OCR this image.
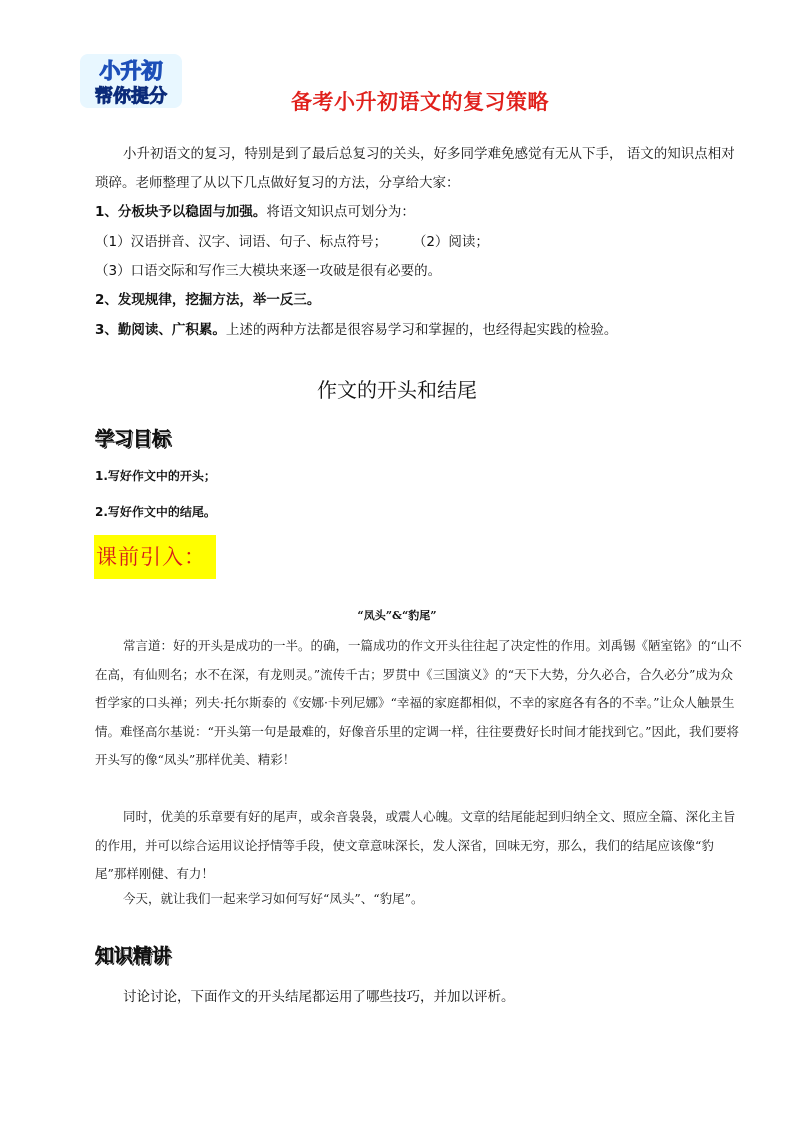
小升初
帮你提分	备考小升初语文的复习策略
小升初语文的复习，特别是到了最后总复习的关头，好多同学难免感觉有无从下手， 语文的知识点相对琐碎。老师整理了从以下几点做好复习的方法，分享给大家：
1、分板块予以稳固与加强。将语文知识点可划分为：
（1）汉语拼音、汉字、词语、句子、标点符号；      （2）阅读；
（3）口语交际和写作三大模块来逐一攻破是很有必要的。
2、发现规律，挖掘方法，举一反三。
3、勤阅读、广积累。上述的两种方法都是很容易学习和掌握的，也经得起实践的检验。
作文的开头和结尾
学习目标
1.写好作文中的开头；
2.写好作文中的结尾。
课前引入：
“凤头”&“豹尾”
常言道：好的开头是成功的一半。的确，一篇成功的作文开头往往起了决定性的作用。刘禹锡《陋室铭》的“山不在高，有仙则名；水不在深，有龙则灵。”流传千古；罗贯中《三国演义》的“天下大势，分久必合，合久必分”成为众哲学家的口头禅；列夫·托尔斯泰的《安娜·卡列尼娜》“幸福的家庭都相似，不幸的家庭各有各的不幸。”让众人触景生情。难怪高尔基说：“开头第一句是最难的，好像音乐里的定调一样，往往要费好长时间才能找到它。”因此，我们要将开头写的像“凤头”那样优美、精彩！
同时，优美的乐章要有好的尾声，或余音袅袅，或震人心魄。文章的结尾能起到归纳全文、照应全篇、深化主旨的作用，并可以综合运用议论抒情等手段，使文章意味深长，发人深省，回味无穷，那么，我们的结尾应该像“豹尾”那样刚健、有力！
今天，就让我们一起来学习如何写好“凤头”、“豹尾”。
知识精讲
讨论讨论，下面作文的开头结尾都运用了哪些技巧，并加以评析。
